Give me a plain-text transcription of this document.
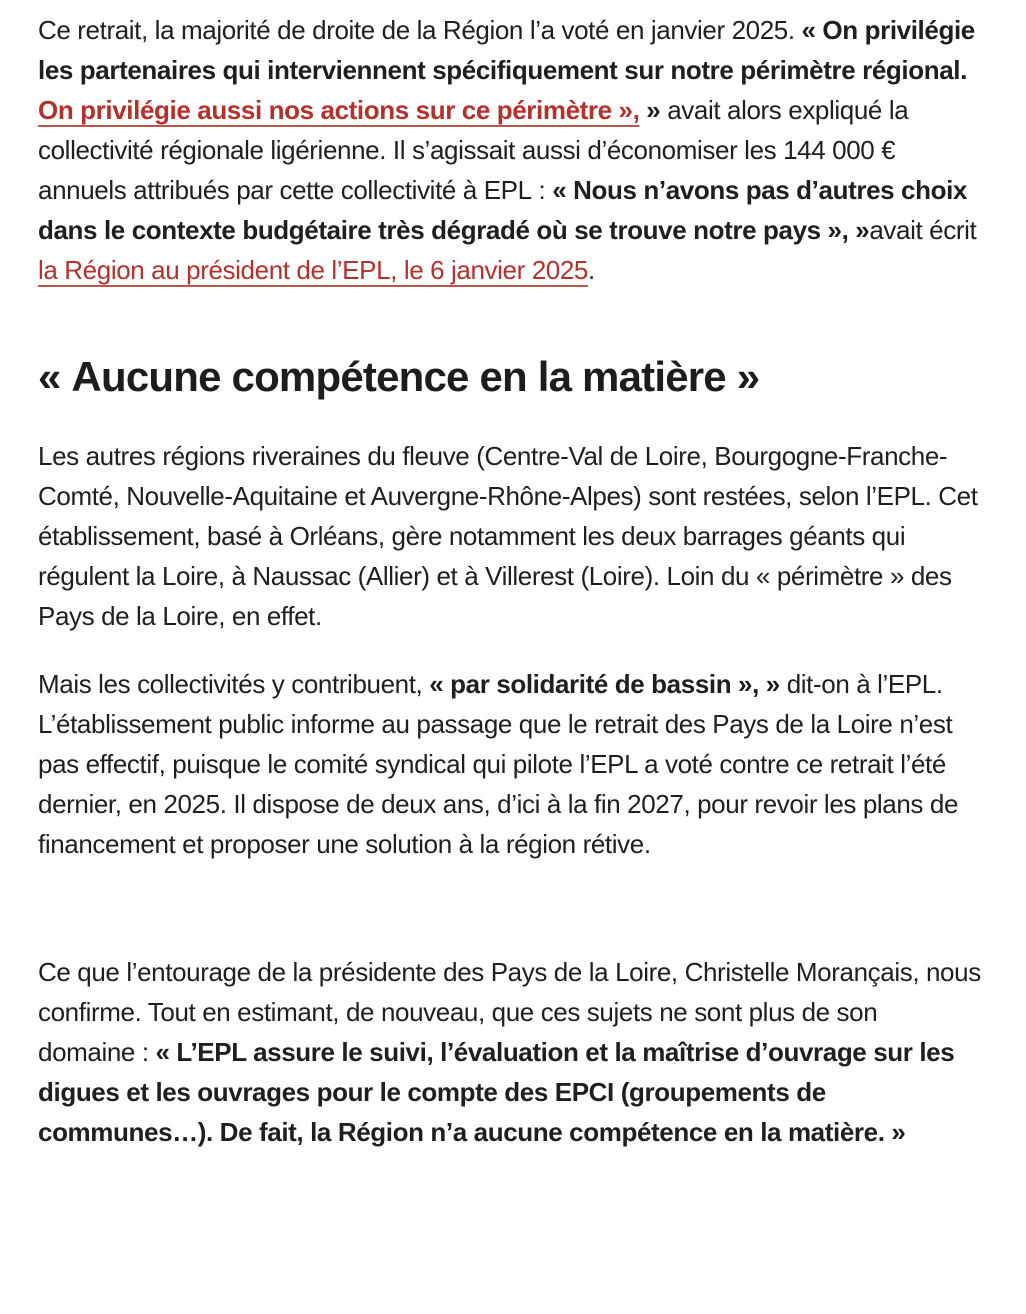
Ce retrait, la majorité de droite de la Région l’a voté en janvier 2025. « On privilégie les partenaires qui interviennent spécifiquement sur notre périmètre régional. On privilégie aussi nos actions sur ce périmètre », » avait alors expliqué la collectivité régionale ligérienne. Il s’agissait aussi d’économiser les 144 000 € annuels attribués par cette collectivité à EPL : « Nous n’avons pas d’autres choix dans le contexte budgétaire très dégradé où se trouve notre pays », »avait écrit la Région au président de l’EPL, le 6 janvier 2025.

« Aucune compétence en la matière »

Les autres régions riveraines du fleuve (Centre-Val de Loire, Bourgogne-Franche-Comté, Nouvelle-Aquitaine et Auvergne-Rhône-Alpes) sont restées, selon l’EPL. Cet établissement, basé à Orléans, gère notamment les deux barrages géants qui régulent la Loire, à Naussac (Allier) et à Villerest (Loire). Loin du « périmètre » des Pays de la Loire, en effet.

Mais les collectivités y contribuent, « par solidarité de bassin », » dit-on à l’EPL. L’établissement public informe au passage que le retrait des Pays de la Loire n’est pas effectif, puisque le comité syndical qui pilote l’EPL a voté contre ce retrait l’été dernier, en 2025. Il dispose de deux ans, d’ici à la fin 2027, pour revoir les plans de financement et proposer une solution à la région rétive.

Ce que l’entourage de la présidente des Pays de la Loire, Christelle Morançais, nous confirme. Tout en estimant, de nouveau, que ces sujets ne sont plus de son domaine : « L’EPL assure le suivi, l’évaluation et la maîtrise d’ouvrage sur les digues et les ouvrages pour le compte des EPCI (groupements de communes…). De fait, la Région n’a aucune compétence en la matière. »
